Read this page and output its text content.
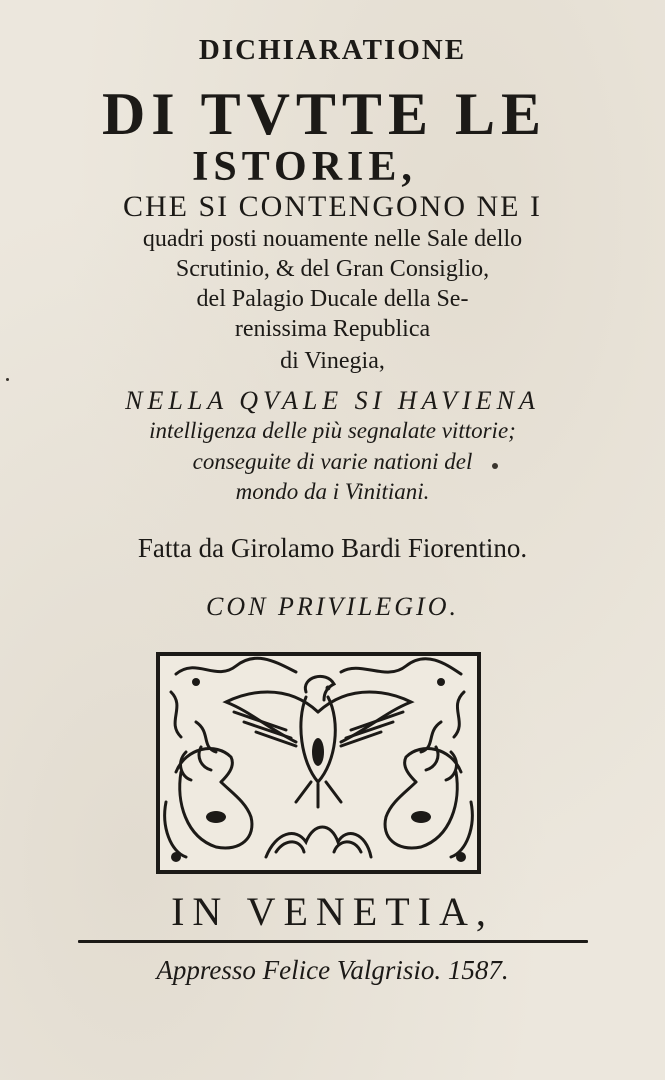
DICHIARATIONE
DI TVTTE LE
ISTORIE,
CHE SI CONTENGONO NE I
quadri posti nouamente nelle Sale dello
Scrutinio, & del Gran Consiglio,
del Palagio Ducale della Se-
renissima Republica
di Vinegia,
NELLA QVALE SI HAVIENA
intelligenza delle più segnalate vittorie;
conseguite di varie nationi del
mondo da i Vinitiani.
Fatta da Girolamo Bardi Fiorentino.
CON PRIVILEGIO.
IN VENETIA,
Appresso Felice Valgrisio. 1587.
